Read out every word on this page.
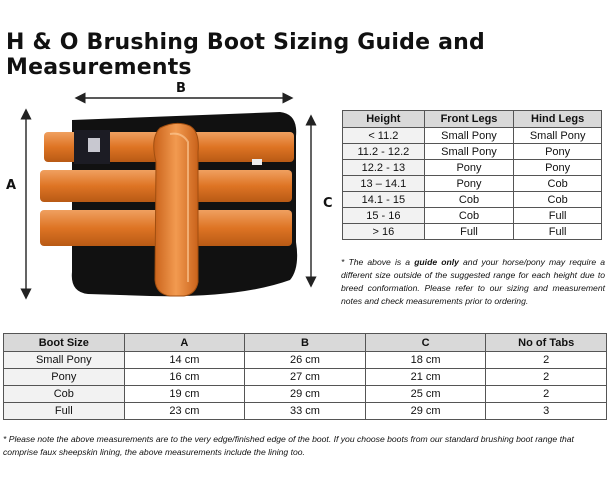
H & O Brushing Boot Sizing Guide and Measurements
B
A
C
Height	Front Legs	Hind Legs
< 11.2	Small Pony	Small Pony
11.2 - 12.2	Small Pony	Pony
12.2 - 13	Pony	Pony
13 – 14.1	Pony	Cob
14.1 - 15	Cob	Cob
15 - 16	Cob	Full
> 16	Full	Full
* The above is a guide only and your horse/pony may require a different size outside of the suggested range for each height due to breed conformation. Please refer to our sizing and measurement notes and check measurements prior to ordering.
Boot Size	A	B	C	No of Tabs
Small Pony	14 cm	26 cm	18 cm	2
Pony	16 cm	27 cm	21 cm	2
Cob	19 cm	29 cm	25 cm	2
Full	23 cm	33 cm	29 cm	3
* Please note the above measurements are to the very edge/finished edge of the boot. If you choose boots from our standard brushing boot range that comprise faux sheepskin lining, the above measurements include the lining too.
